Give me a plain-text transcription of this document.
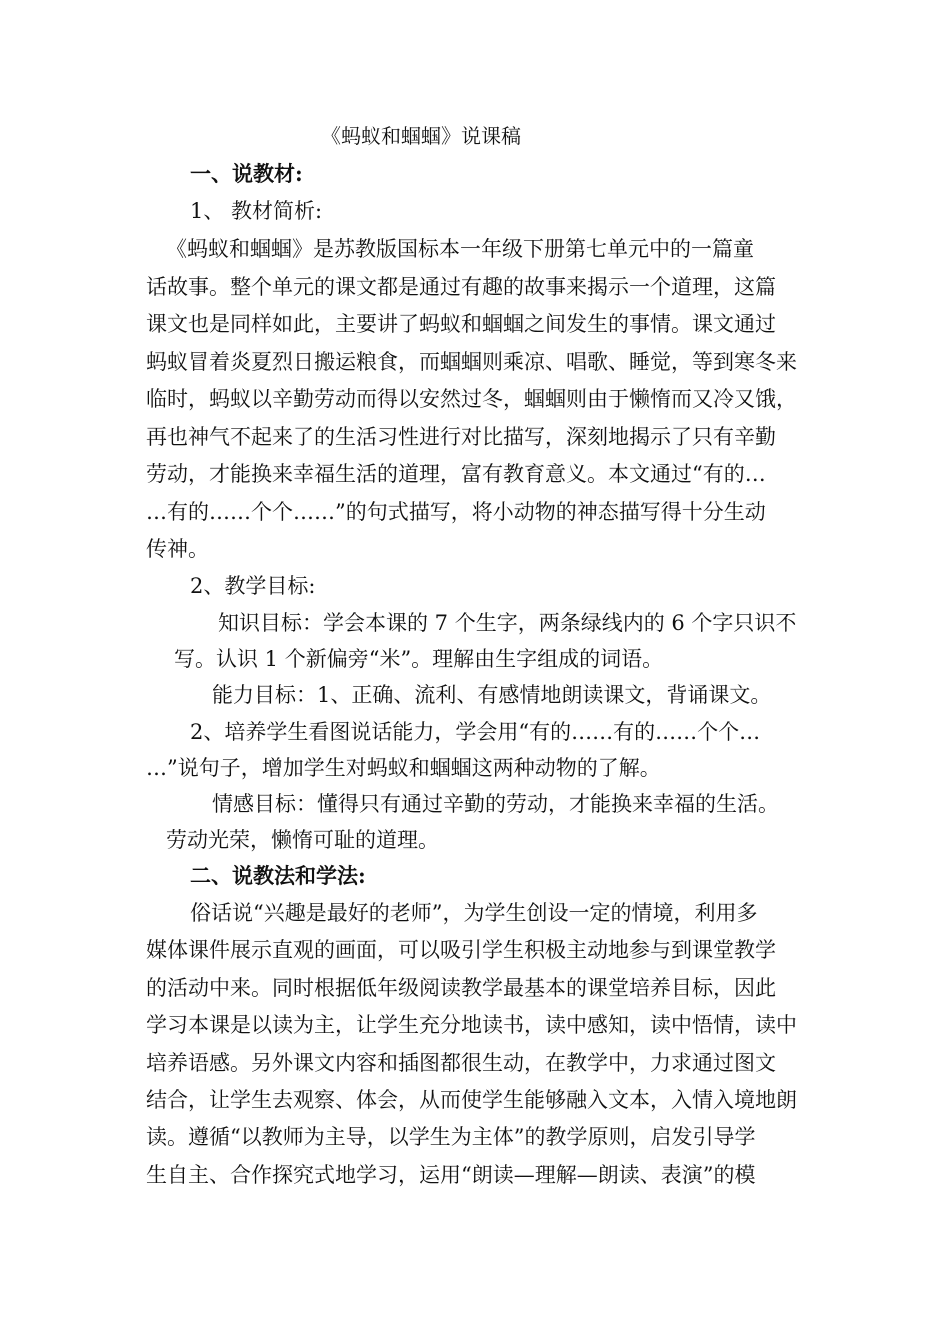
《蚂蚁和蝈蝈》说课稿

一、说教材:

1、 教材简析:

《蚂蚁和蝈蝈》是苏教版国标本一年级下册第七单元中的一篇童

话故事。整个单元的课文都是通过有趣的故事来揭示一个道理，这篇

课文也是同样如此，主要讲了蚂蚁和蝈蝈之间发生的事情。课文通过

蚂蚁冒着炎夏烈日搬运粮食，而蝈蝈则乘凉、唱歌、睡觉，等到寒冬来

临时，蚂蚁以辛勤劳动而得以安然过冬，蝈蝈则由于懒惰而又冷又饿，

再也神气不起来了的生活习性进行对比描写，深刻地揭示了只有辛勤

劳动，才能换来幸福生活的道理，富有教育意义。本文通过“有的…

…有的……个个……”的句式描写，将小动物的神态描写得十分生动

传神。

2、教学目标:

知识目标：学会本课的 7 个生字，两条绿线内的 6 个字只识不

写。认识 1 个新偏旁“米”。理解由生字组成的词语。

能力目标：1、正确、流利、有感情地朗读课文，背诵课文。

2、培养学生看图说话能力，学会用“有的……有的……个个…

…”说句子，增加学生对蚂蚁和蝈蝈这两种动物的了解。

情感目标：懂得只有通过辛勤的劳动，才能换来幸福的生活。

劳动光荣，懒惰可耻的道理。

二、说教法和学法:

俗话说“兴趣是最好的老师”，为学生创设一定的情境，利用多

媒体课件展示直观的画面，可以吸引学生积极主动地参与到课堂教学

的活动中来。同时根据低年级阅读教学最基本的课堂培养目标，因此

学习本课是以读为主，让学生充分地读书，读中感知，读中悟情，读中

培养语感。另外课文内容和插图都很生动，在教学中，力求通过图文

结合，让学生去观察、体会，从而使学生能够融入文本，入情入境地朗

读。遵循“以教师为主导，以学生为主体”的教学原则，启发引导学

生自主、合作探究式地学习，运用“朗读—理解—朗读、表演”的模
